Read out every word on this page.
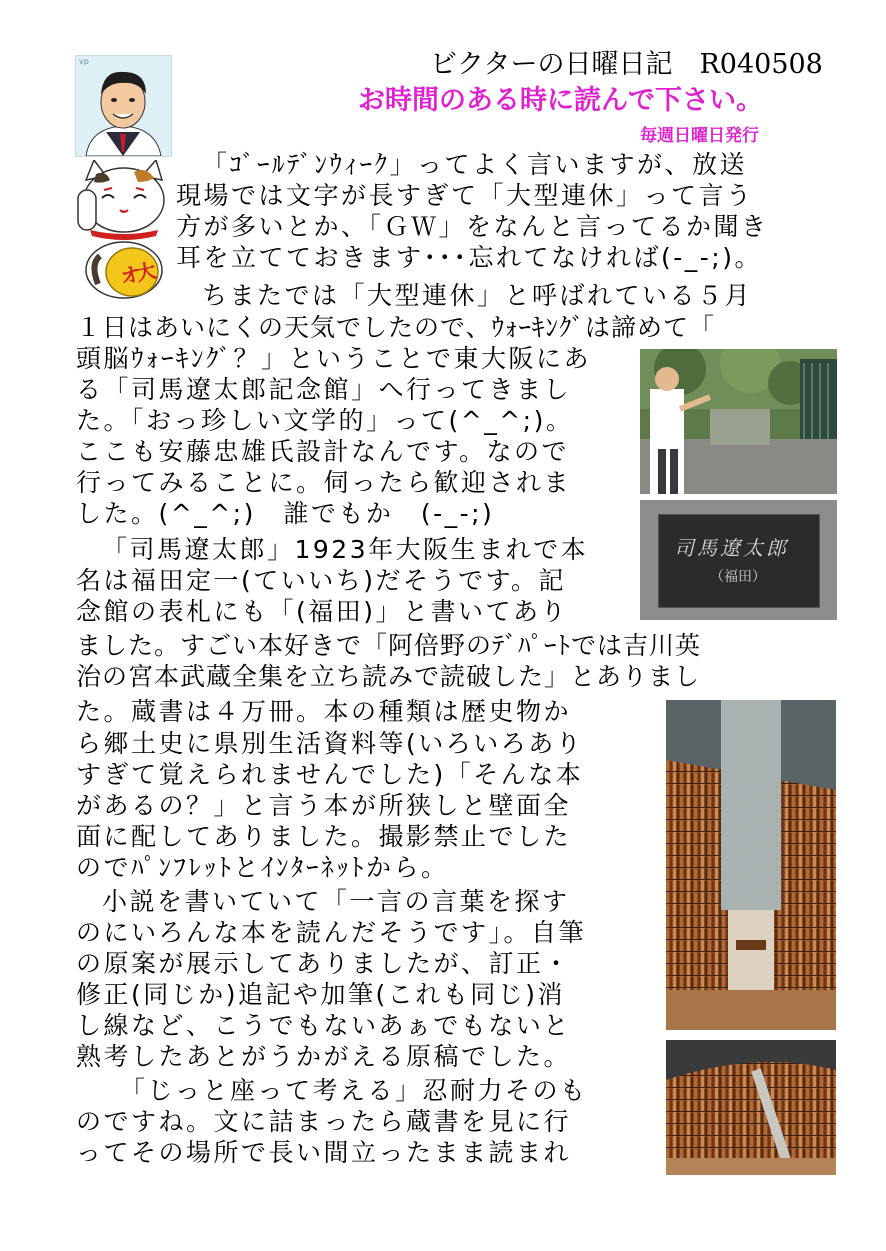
ビクターの日曜日記　R040508
お時間のある時に読んで下さい。
毎週日曜日発行
vp
オ大
司馬遼太郎
（福田）
「ｺﾞｰﾙﾃﾞﾝｳｨｰｸ」ってよく言いますが、放送
現場では文字が長すぎて「大型連休」って言う
方が多いとか、「ＧＷ」をなんと言ってるか聞き
耳を立てておきます･･･忘れてなければ(-_-;)。
ちまたでは「大型連休」と呼ばれている５月
１日はあいにくの天気でしたので、ｳｫｰｷﾝｸﾞは諦めて「
頭脳ｳｫｰｷﾝｸﾞ？」ということで東大阪にあ
る「司馬遼太郎記念館」へ行ってきまし
た。「おっ珍しい文学的」って(^_^;)。
ここも安藤忠雄氏設計なんです。なので
行ってみることに。伺ったら歓迎されま
した。(^_^;)　誰でもか　(-_-;)
「司馬遼太郎」1923年大阪生まれで本
名は福田定一(ていいち)だそうです。記
念館の表札にも「(福田)」と書いてあり
ました。すごい本好きで「阿倍野のﾃﾞﾊﾟｰﾄでは吉川英
治の宮本武蔵全集を立ち読みで読破した」とありまし
た。蔵書は４万冊。本の種類は歴史物か
ら郷土史に県別生活資料等(いろいろあり
すぎて覚えられませんでした)「そんな本
があるの？」と言う本が所狭しと壁面全
面に配してありました。撮影禁止でした
のでﾊﾟﾝﾌﾚｯﾄとｲﾝﾀｰﾈｯﾄから。
小説を書いていて「一言の言葉を探す
のにいろんな本を読んだそうです」。自筆
の原案が展示してありましたが、訂正・
修正(同じか)追記や加筆(これも同じ)消
し線など、こうでもないあぁでもないと
熟考したあとがうかがえる原稿でした。
「じっと座って考える」忍耐力そのも
のですね。文に詰まったら蔵書を見に行
ってその場所で長い間立ったまま読まれ
